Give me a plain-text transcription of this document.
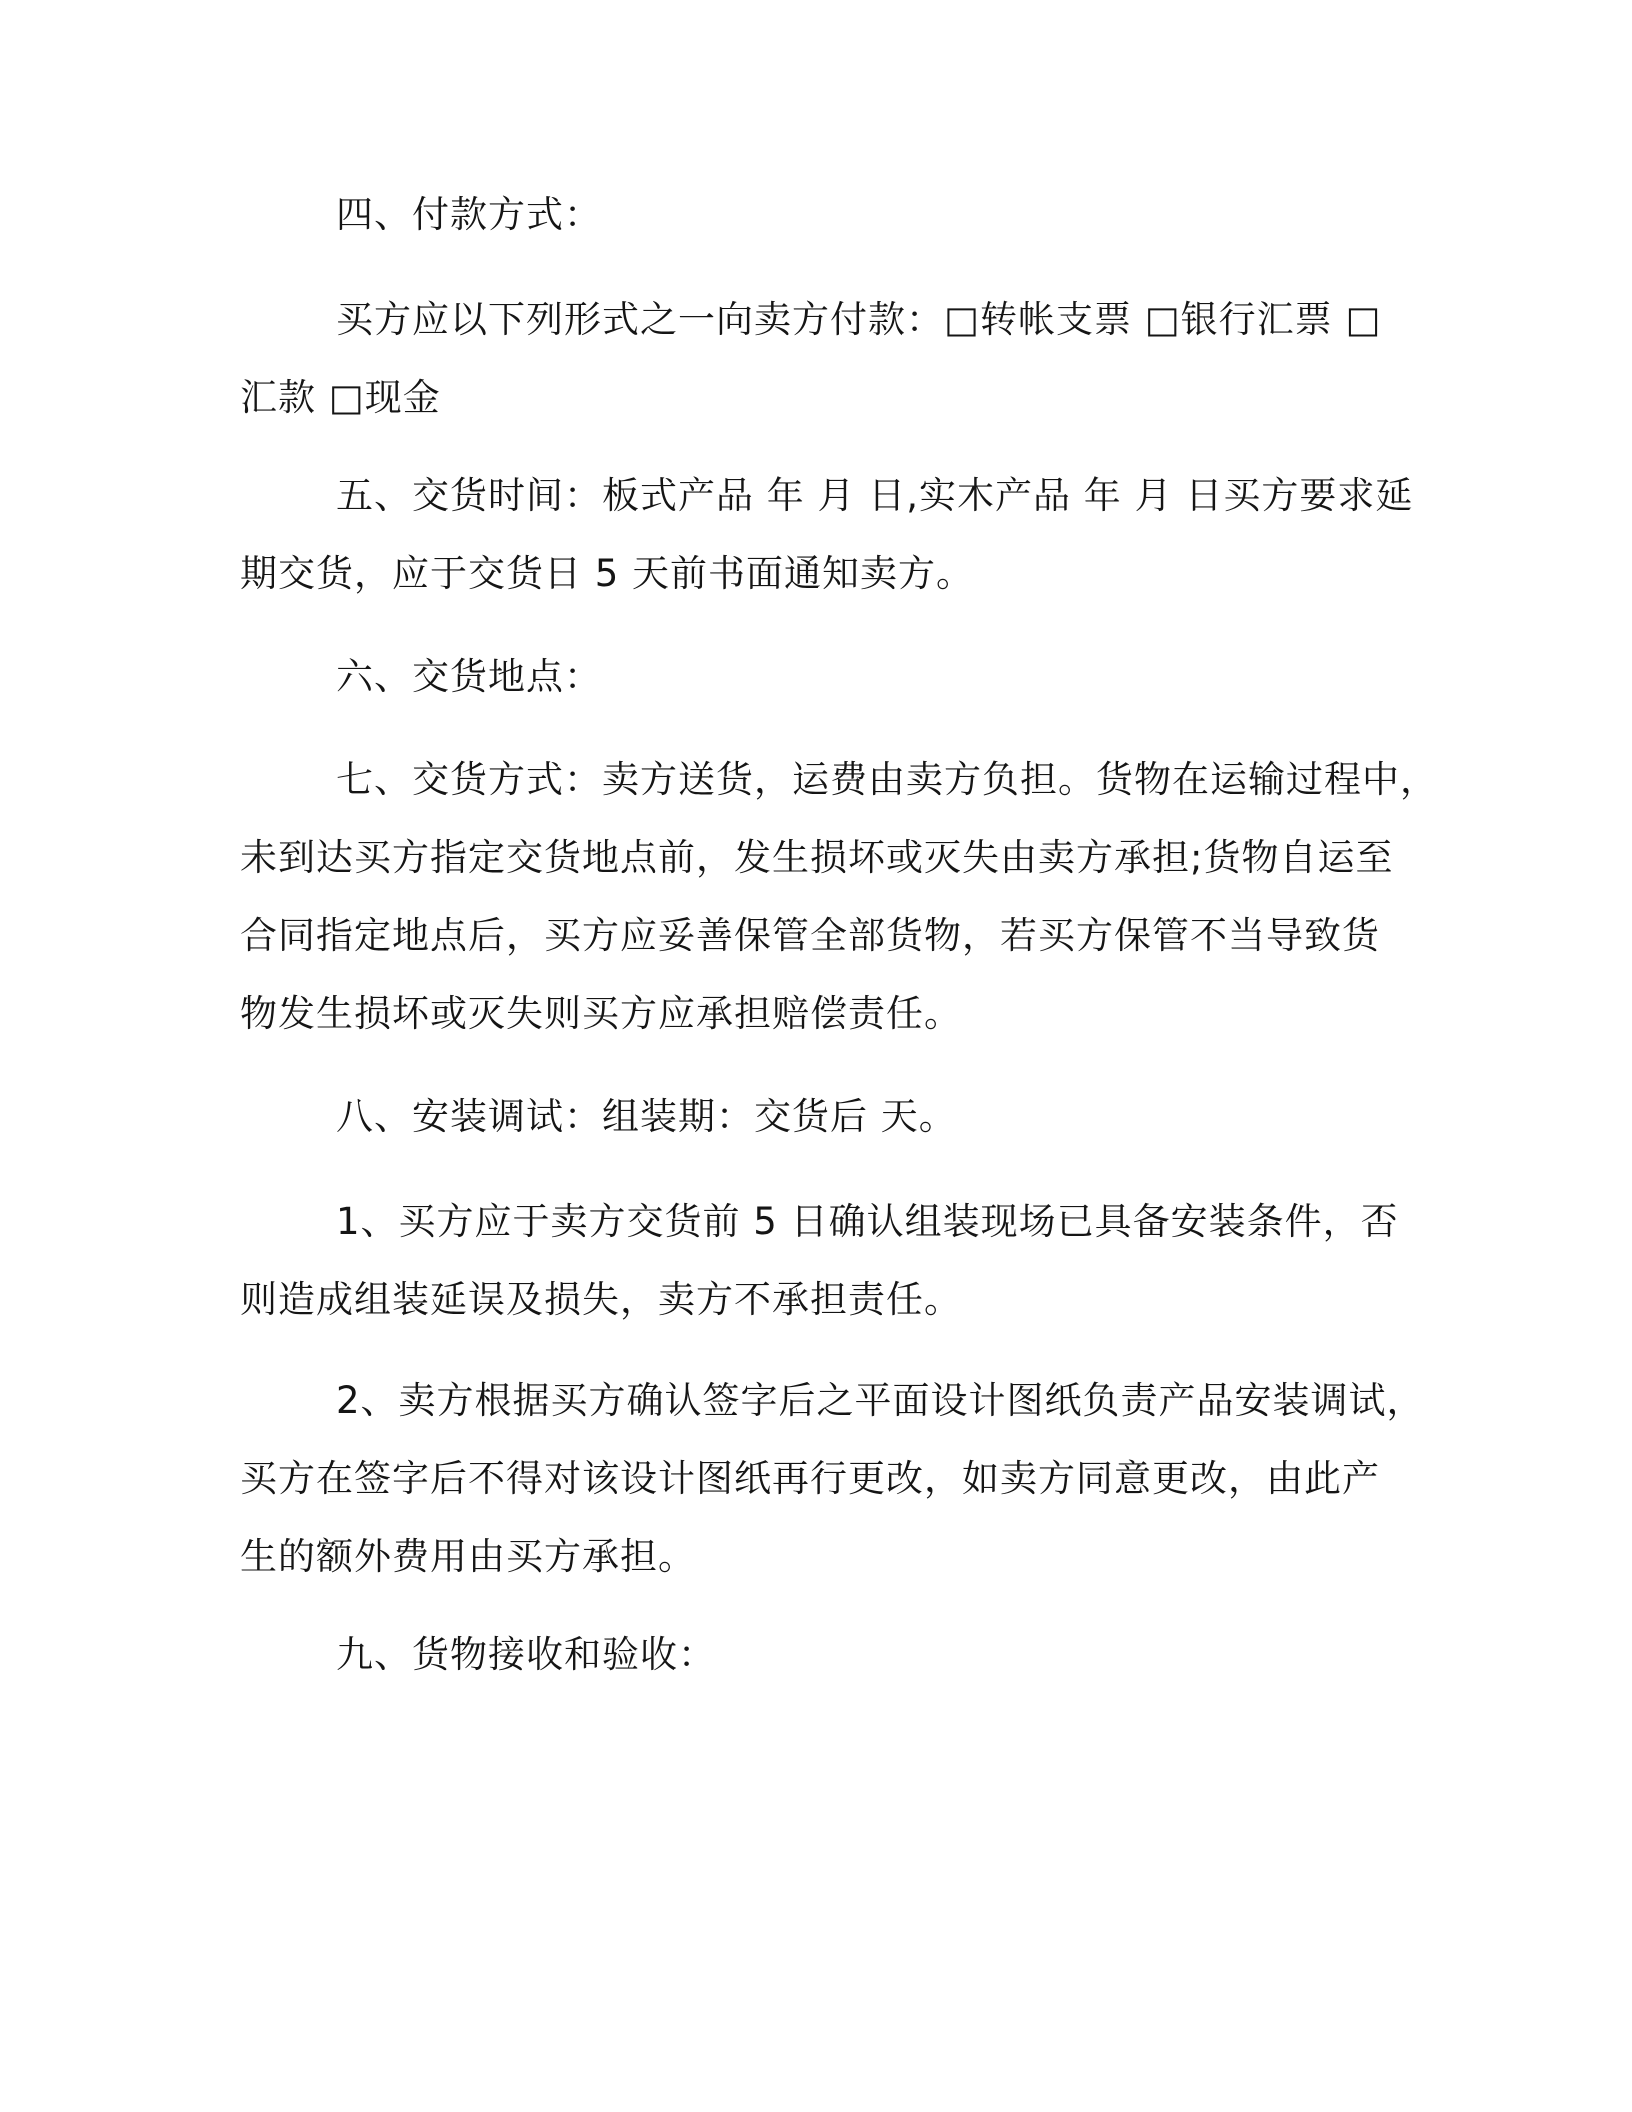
四、付款方式：
买方应以下列形式之一向卖方付款：□转帐支票 □银行汇票 □
汇款 □现金
五、交货时间：板式产品 年 月 日,实木产品 年 月 日买方要求延
期交货，应于交货日 5 天前书面通知卖方。
六、交货地点：
七、交货方式：卖方送货，运费由卖方负担。货物在运输过程中，
未到达买方指定交货地点前，发生损坏或灭失由卖方承担;货物自运至
合同指定地点后，买方应妥善保管全部货物，若买方保管不当导致货
物发生损坏或灭失则买方应承担赔偿责任。
八、安装调试：组装期：交货后 天。
1、买方应于卖方交货前 5 日确认组装现场已具备安装条件，否
则造成组装延误及损失，卖方不承担责任。
2、卖方根据买方确认签字后之平面设计图纸负责产品安装调试，
买方在签字后不得对该设计图纸再行更改，如卖方同意更改，由此产
生的额外费用由买方承担。
九、货物接收和验收：
